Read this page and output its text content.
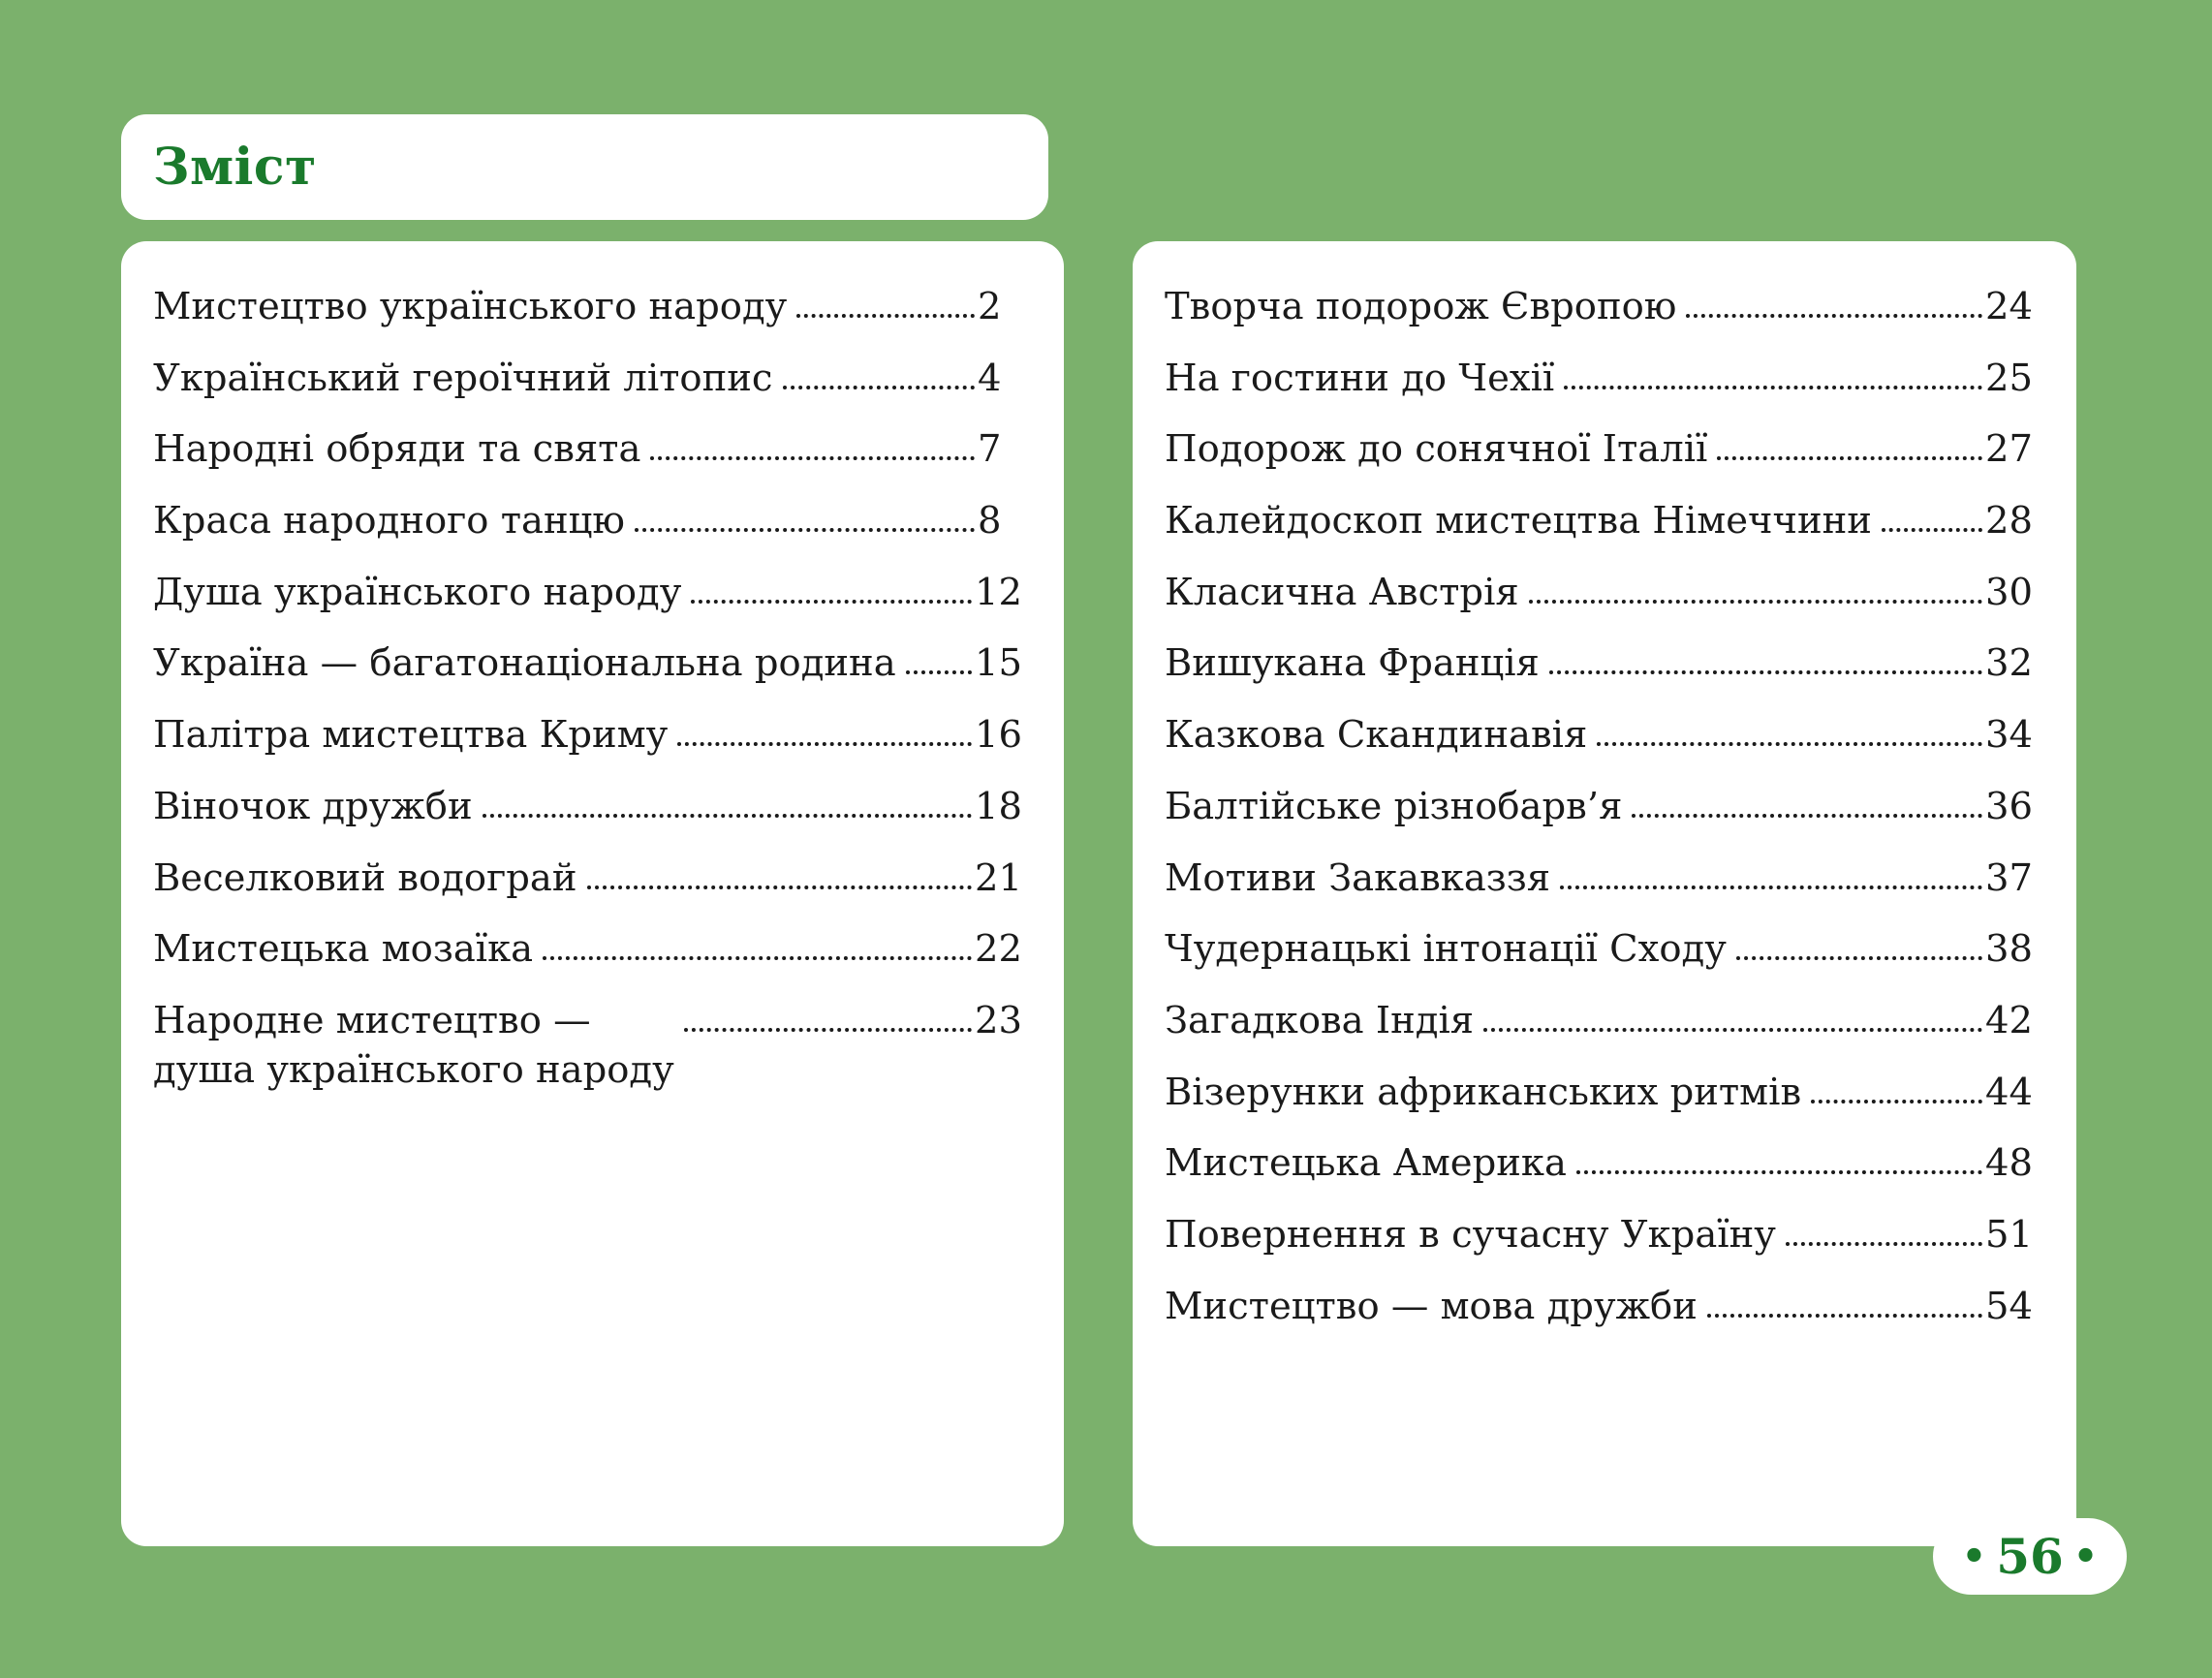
Зміст
Мистецтво українського народу	2
Український героїчний літопис	4
Народні обряди та свята	7
Краса народного танцю	8
Душа українського народу	12
Україна — багатонаціональна родина 15
Палітра мистецтва Криму	16
Віночок дружби	18
Веселковий водограй	21
Мистецька мозаїка	22
Народне мистецтво —
душа українського народу
23
Творча подорож Європою	24
На гостини до Чехії	25
Подорож до сонячної Італії	27
Калейдоскоп мистецтва Німеччини	28
Класична Австрія	30
Вишукана Франція	32
Казкова Скандинавія	34
Балтійське різнобарв’я	36
Мотиви Закавказзя	37
Чудернацькі інтонації Сходу	38
Загадкова Індія	42
Візерунки африканських ритмів	44
Мистецька Америка	48
Повернення в сучасну Україну	51
Мистецтво — мова дружби	54
• 56 •
